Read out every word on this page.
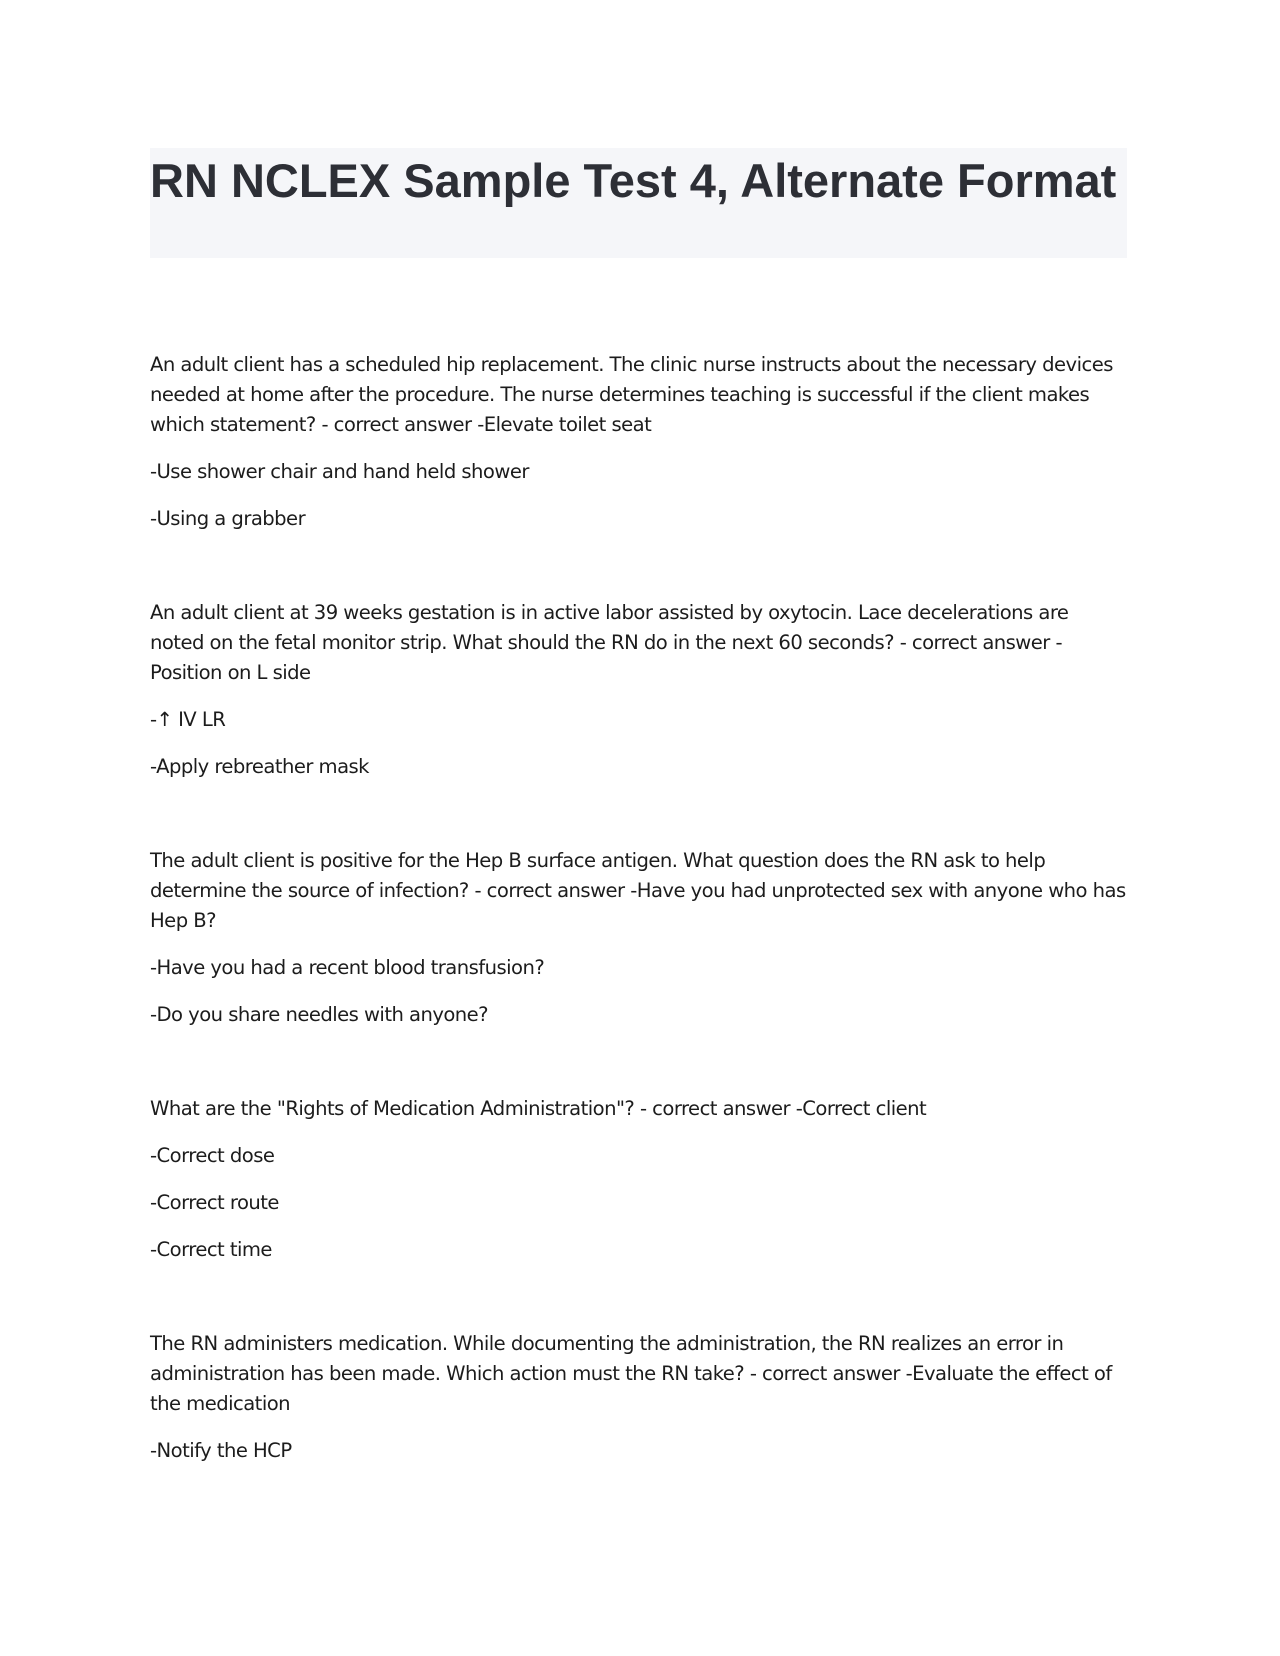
RN NCLEX Sample Test 4, Alternate Format

An adult client has a scheduled hip replacement. The clinic nurse instructs about the necessary devices needed at home after the procedure. The nurse determines teaching is successful if the client makes which statement? - correct answer -Elevate toilet seat

-Use shower chair and hand held shower

-Using a grabber

An adult client at 39 weeks gestation is in active labor assisted by oxytocin. Lace decelerations are noted on the fetal monitor strip. What should the RN do in the next 60 seconds? - correct answer -Position on L side

-↑ IV LR

-Apply rebreather mask

The adult client is positive for the Hep B surface antigen. What question does the RN ask to help determine the source of infection? - correct answer -Have you had unprotected sex with anyone who has Hep B?

-Have you had a recent blood transfusion?

-Do you share needles with anyone?

What are the "Rights of Medication Administration"? - correct answer -Correct client

-Correct dose

-Correct route

-Correct time

The RN administers medication. While documenting the administration, the RN realizes an error in administration has been made. Which action must the RN take? - correct answer -Evaluate the effect of the medication

-Notify the HCP
